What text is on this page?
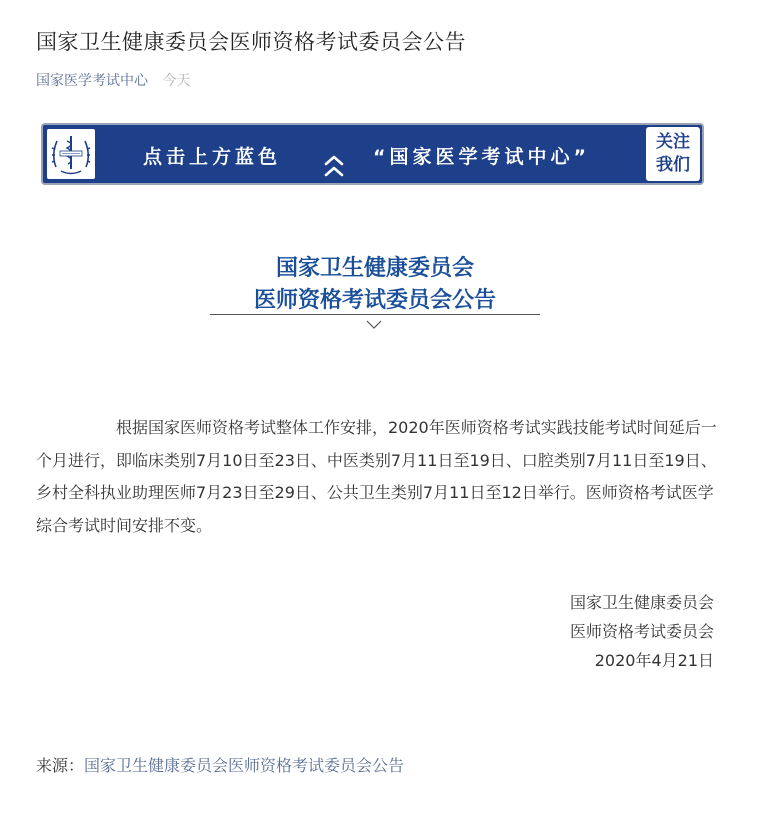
国家卫生健康委员会医师资格考试委员会公告
国家医学考试中心 今天
点击上方蓝色	“国家医学考试中心”
关注
我们
国家卫生健康委员会
医师资格考试委员会公告
根据国家医师资格考试整体工作安排，2020年医师资格考试实践技能考试时间延后一个月进行，即临床类别7月10日至23日、中医类别7月11日至19日、口腔类别7月11日至19日、乡村全科执业助理医师7月23日至29日、公共卫生类别7月11日至12日举行。医师资格考试医学综合考试时间安排不变。
国家卫生健康委员会
医师资格考试委员会
2020年4月21日
来源：国家卫生健康委员会医师资格考试委员会公告
